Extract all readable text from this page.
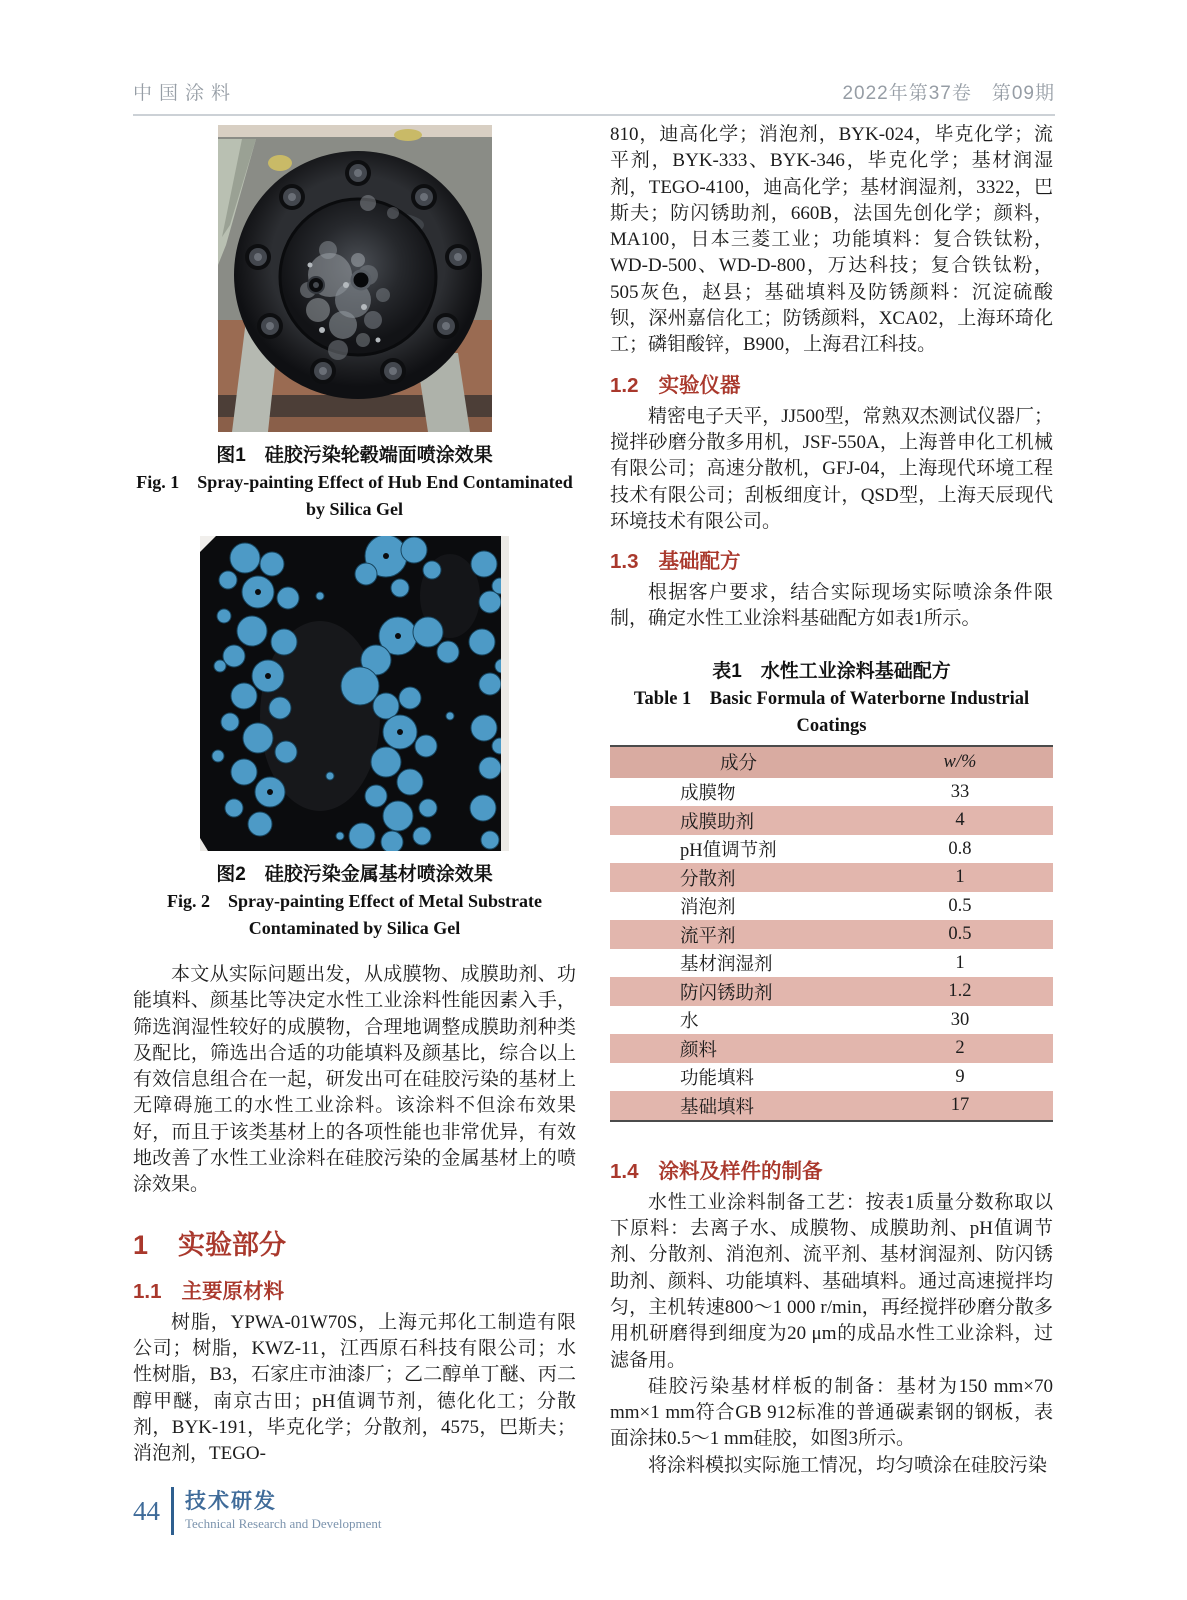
中国涂料	2022年第37卷　第09期
图1　硅胶污染轮毂端面喷涂效果
Fig. 1　Spray-painting Effect of Hub End Contaminated
by Silica Gel
图2　硅胶污染金属基材喷涂效果
Fig. 2　Spray-painting Effect of Metal Substrate
Contaminated by Silica Gel

本文从实际问题出发，从成膜物、成膜助剂、功能填料、颜基比等决定水性工业涂料性能因素入手，筛选润湿性较好的成膜物，合理地调整成膜助剂种类及配比，筛选出合适的功能填料及颜基比，综合以上有效信息组合在一起，研发出可在硅胶污染的基材上无障碍施工的水性工业涂料。该涂料不但涂布效果好，而且于该类基材上的各项性能也非常优异，有效地改善了水性工业涂料在硅胶污染的金属基材上的喷涂效果。

1 实验部分
1.1 主要原材料

树脂，YPWA-01W70S，上海元邦化工制造有限公司；树脂，KWZ-11，江西原石科技有限公司；水性树脂，B3，石家庄市油漆厂；乙二醇单丁醚、丙二醇甲醚，南京古田；pH值调节剂，德化化工；分散剂，BYK-191，毕克化学；分散剂，4575，巴斯夫；消泡剂，TEGO-

810，迪高化学；消泡剂，BYK-024，毕克化学；流平剂，BYK-333、BYK-346，毕克化学；基材润湿剂，TEGO-4100，迪高化学；基材润湿剂，3322，巴斯夫；防闪锈助剂，660B，法国先创化学；颜料，MA100，日本三菱工业；功能填料：复合铁钛粉，WD-D-500、WD-D-800，万达科技；复合铁钛粉，505灰色，赵县；基础填料及防锈颜料：沉淀硫酸钡，深州嘉信化工；防锈颜料，XCA02，上海环琦化工；磷钼酸锌，B900，上海君江科技。

1.2 实验仪器

精密电子天平，JJ500型，常熟双杰测试仪器厂；搅拌砂磨分散多用机，JSF-550A，上海普申化工机械有限公司；高速分散机，GFJ-04，上海现代环境工程技术有限公司；刮板细度计，QSD型，上海天辰现代环境技术有限公司。

1.3 基础配方

根据客户要求，结合实际现场实际喷涂条件限制，确定水性工业涂料基础配方如表1所示。

表1　水性工业涂料基础配方
Table 1　Basic Formula of Waterborne Industrial
Coatings
成分	w/%
成膜物	33
成膜助剂	4
pH值调节剂	0.8
分散剂	1
消泡剂	0.5
流平剂	0.5
基材润湿剂	1
防闪锈助剂	1.2
水	30
颜料	2
功能填料	9
基础填料	17
1.4 涂料及样件的制备

水性工业涂料制备工艺：按表1质量分数称取以下原料：去离子水、成膜物、成膜助剂、pH值调节剂、分散剂、消泡剂、流平剂、基材润湿剂、防闪锈助剂、颜料、功能填料、基础填料。通过高速搅拌均匀，主机转速800～1 000 r/min，再经搅拌砂磨分散多用机研磨得到细度为20 μm的成品水性工业涂料，过滤备用。

硅胶污染基材样板的制备：基材为150 mm×70 mm×1 mm符合GB 912标准的普通碳素钢的钢板，表面涂抹0.5～1 mm硅胶，如图3所示。

将涂料模拟实际施工情况，均匀喷涂在硅胶污染

44 技术研发
Technical Research and Development
